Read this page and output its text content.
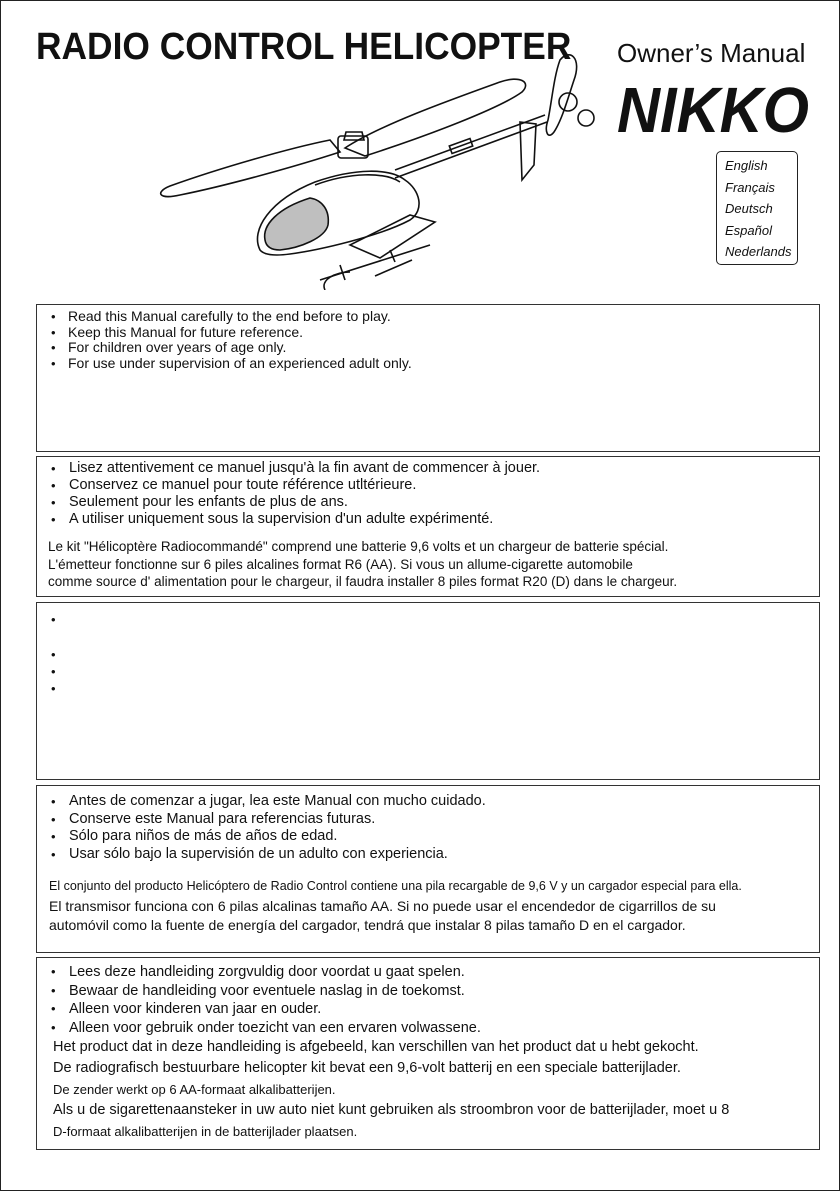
RADIO CONTROL HELICOPTER Owner’s Manual
NIKKO
English
Français
Deutsch
Español
Nederlands
• Read this Manual carefully to the end before to play.
• Keep this Manual for future reference.
• For children over years of age only.
• For use under supervision of an experienced adult only.
• Lisez attentivement ce manuel jusqu'à la fin avant de commencer à jouer.
• Conservez ce manuel pour toute référence utltérieure.
• Seulement pour les enfants de plus de ans.
• A utiliser uniquement sous la supervision d'un adulte expérimenté.
Le kit "Hélicoptère Radiocommandé" comprend une batterie 9,6 volts et un chargeur de batterie spécial.
L'émetteur fonctionne sur 6 piles alcalines format R6 (AA). Si vous un allume-cigarette automobile
comme source d' alimentation pour le chargeur, il faudra installer 8 piles format R20 (D) dans le chargeur.
•
•
•
•
• Antes de comenzar a jugar, lea este Manual con mucho cuidado.
• Conserve este Manual para referencias futuras.
• Sólo para niños de más de años de edad.
• Usar sólo bajo la supervisión de un adulto con experiencia.
El conjunto del producto Helicóptero de Radio Control contiene una pila recargable de 9,6 V y un cargador especial para ella.
El transmisor funciona con 6 pilas alcalinas tamaño AA. Si no puede usar el encendedor de cigarrillos de su
automóvil como la fuente de energía del cargador, tendrá que instalar 8 pilas tamaño D en el cargador.
• Lees deze handleiding zorgvuldig door voordat u gaat spelen.
• Bewaar de handleiding voor eventuele naslag in de toekomst.
• Alleen voor kinderen van jaar en ouder.
• Alleen voor gebruik onder toezicht van een ervaren volwassene.
Het product dat in deze handleiding is afgebeeld, kan verschillen van het product dat u hebt gekocht.
De radiografisch bestuurbare helicopter kit bevat een 9,6-volt batterij en een speciale batterijlader.
De zender werkt op 6 AA-formaat alkalibatterijen.
Als u de sigarettenaansteker in uw auto niet kunt gebruiken als stroombron voor de batterijlader, moet u 8
D-formaat alkalibatterijen in de batterijlader plaatsen.
